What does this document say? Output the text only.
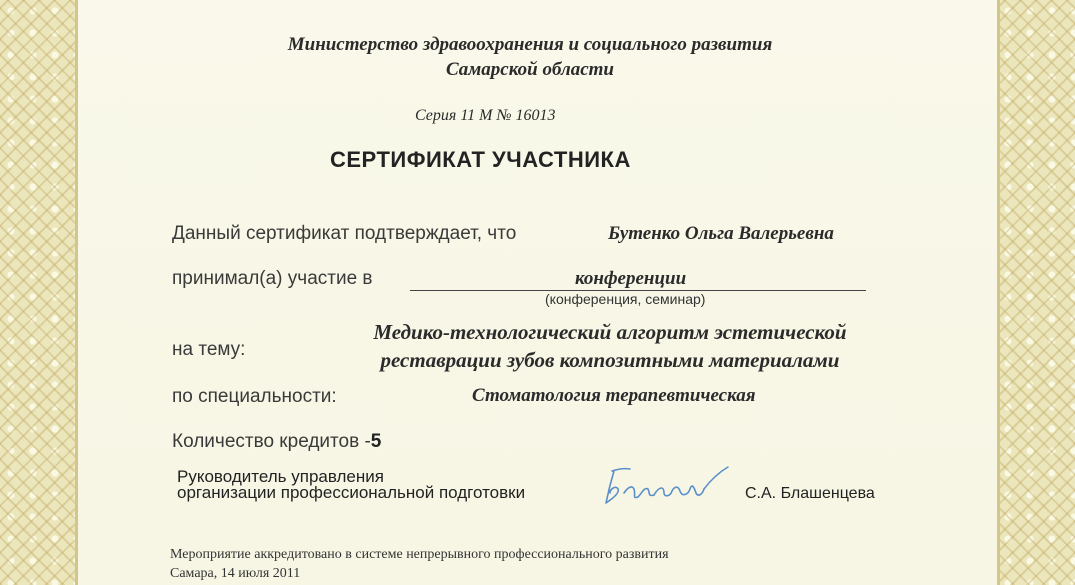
Министерство здравоохранения и социального развития
Самарской области
Серия 11 М № 16013
СЕРТИФИКАТ УЧАСТНИКА
Данный сертификат подтверждает, что	Бутенко Ольга Валерьевна
принимал(а) участие в	конференции
(конференция, семинар)
на тему:
Медико-технологический алгоритм эстетической
реставрации зубов композитными материалами
по специальности:	Стоматология терапевтическая
Количество кредитов -5
Руководитель управления
организации профессиональной подготовки	С.А. Блашенцева
Мероприятие аккредитовано в системе непрерывного профессионального развития
Самара, 14 июля 2011
